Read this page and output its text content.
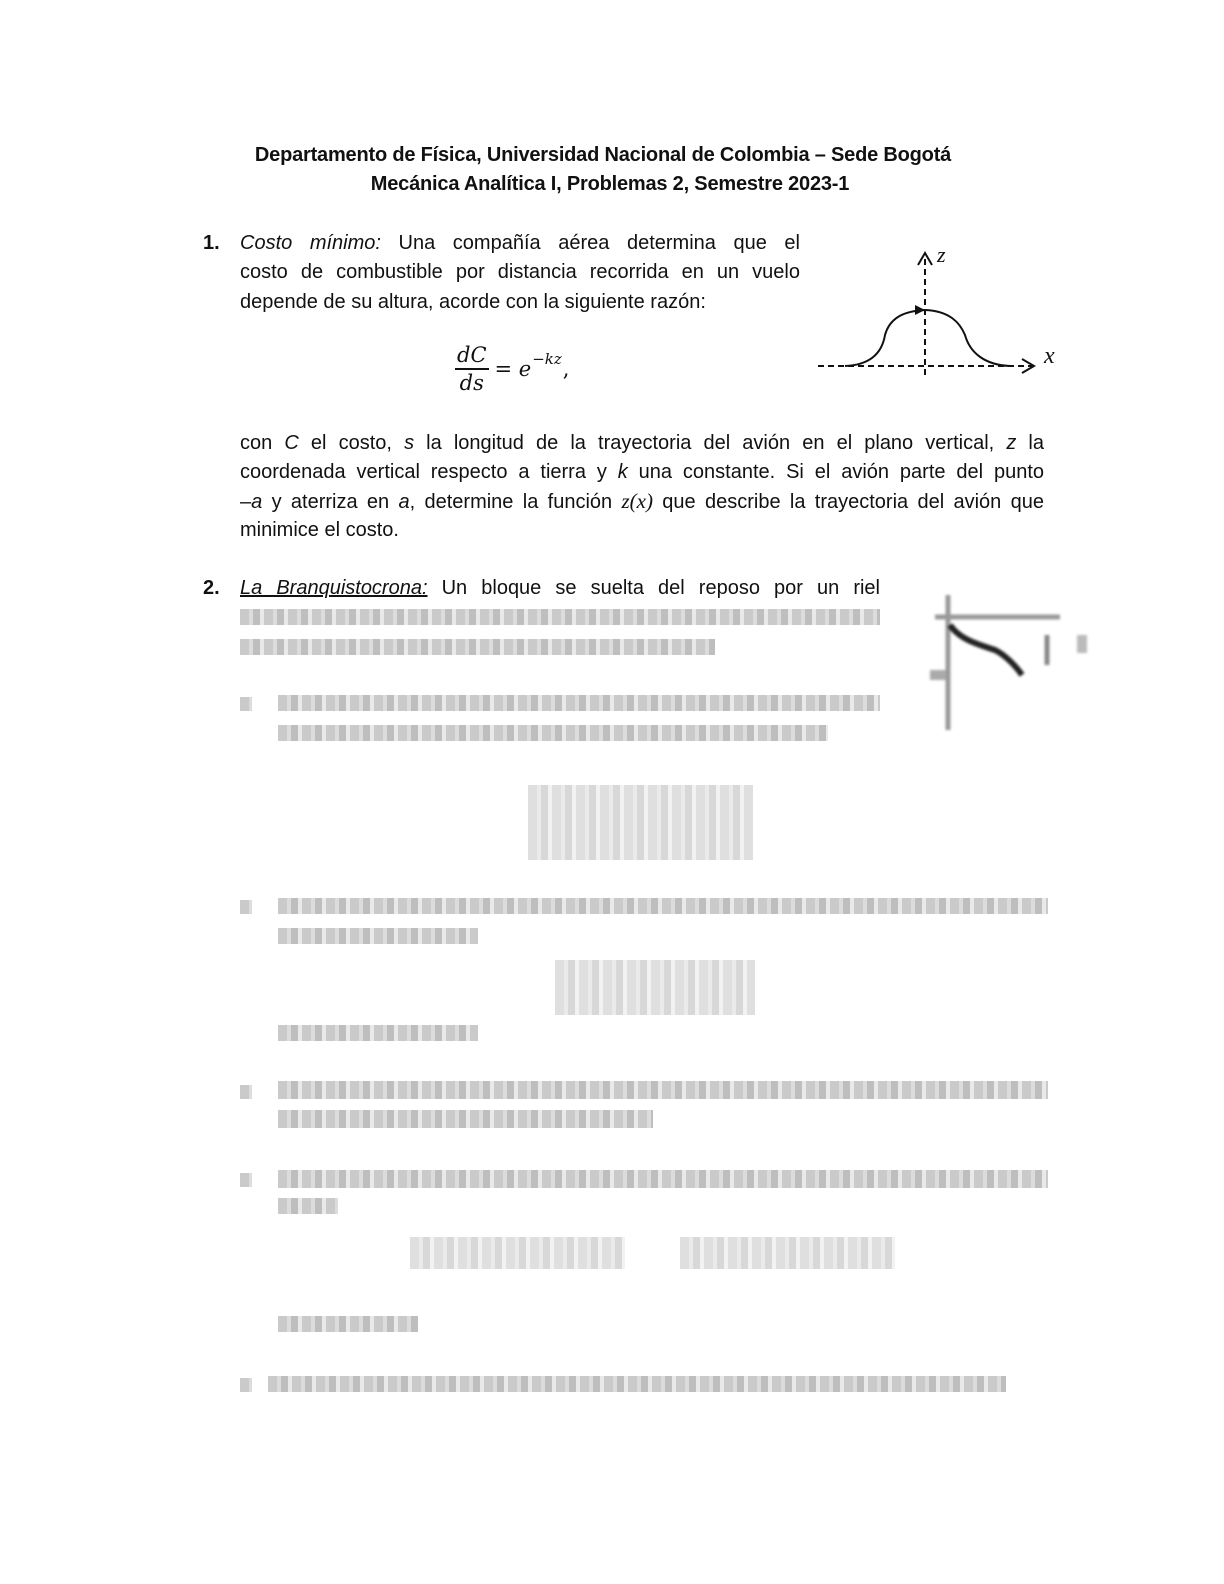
Departamento de Física, Universidad Nacional de Colombia – Sede Bogotá
Mecánica Analítica I, Problemas 2, Semestre 2023-1
1. Costo mínimo: Una compañía aérea determina que el
costo de combustible por distancia recorrida en un vuelo
depende de su altura, acorde con la siguiente razón:
$\frac{dC}{ds} = e -kz$ ,
z
x
con C el costo, s la longitud de la trayectoria del avión en el plano vertical, z la
coordenada vertical respecto a tierra y k una constante. Si el avión parte del punto
–a y aterriza en a, determine la función z(x) que describe la trayectoria del avión que
minimice el costo.
2. La Branquistocrona: Un bloque se suelta del reposo por un riel
